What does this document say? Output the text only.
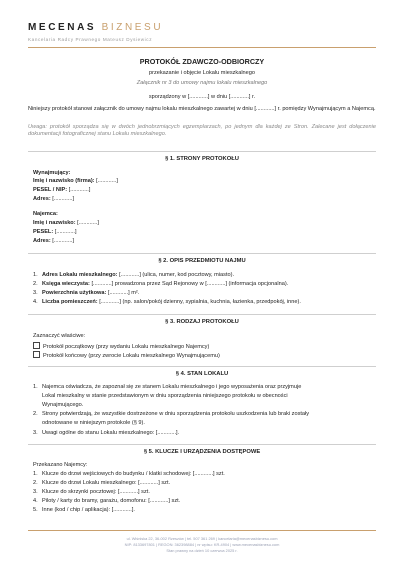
MECENAS BIZNESU
Kancelaria Radcy Prawnego Mateusz Dysiewicz
PROTOKÓŁ ZDAWCZO-ODBIORCZY
przekazanie i objęcie Lokalu mieszkalnego
Załącznik nr 3 do umowy najmu lokalu mieszkalnego
sporządzony w [............] w dniu [............] r.
Niniejszy protokół stanowi załącznik do umowy najmu lokalu mieszkalnego zawartej w dniu [............] r. pomiędzy Wynajmującym a Najemcą.
Uwaga: protokół sporządza się w dwóch jednobrzmiących egzemplarzach, po jednym dla każdej ze Stron. Zalecane jest dołączenie dokumentacji fotograficznej stanu Lokalu mieszkalnego.
§ 1. STRONY PROTOKOŁU
Wynajmujący:
Imię i nazwisko (firma): [............]
PESEL / NIP: [............]
Adres: [............]
Najemca:
Imię i nazwisko: [............]
PESEL: [............]
Adres: [............]
§ 2. OPIS PRZEDMIOTU NAJMU
1. Adres Lokalu mieszkalnego: [............] (ulica, numer, kod pocztowy, miasto).
2. Księga wieczysta: [............] prowadzona przez Sąd Rejonowy w [............] (informacja opcjonalna).
3. Powierzchnia użytkowa: [............] m².
4. Liczba pomieszczeń: [............] (np. salon/pokój dzienny, sypialnia, kuchnia, łazienka, przedpokój, inne).
§ 3. RODZAJ PROTOKOŁU
Zaznaczyć właściwe:
Protokół początkowy (przy wydaniu Lokalu mieszkalnego Najemcy)
Protokół końcowy (przy zwrocie Lokalu mieszkalnego Wynajmującemu)
§ 4. STAN LOKALU
1. Najemca oświadcza, że zapoznał się ze stanem Lokalu mieszkalnego i jego wyposażenia oraz przyjmuje
Lokal mieszkalny w stanie przedstawionym w dniu sporządzenia niniejszego protokołu w obecności
Wynajmującego.
2. Strony potwierdzają, że wszystkie dostrzeżone w dniu sporządzenia protokołu uszkodzenia lub braki zostały
odnotowane w niniejszym protokole (§ 9).
3. Uwagi ogólne do stanu Lokalu mieszkalnego: [............].
§ 5. KLUCZE I URZĄDZENIA DOSTĘPOWE
Przekazano Najemcy:
1. Klucze do drzwi wejściowych do budynku / klatki schodowej: [............] szt.
2. Klucze do drzwi Lokalu mieszkalnego: [............] szt.
3. Klucze do skrzynki pocztowej: [............] szt.
4. Piloty / karty do bramy, garażu, domofonu: [............] szt.
5. Inne (kod / chip / aplikacja): [............].
ul. Wiśniska 22, 36-002 Rzeszów | tel. 507 361 269 | kancelaria@mecenasbiznesu.com
NIP: 8133697801 | REGON: 362398884 | nr wpisu: KR-4904 | www.mecenasbiznesu.com
Stan prawny na dzień 10 czerwca 2025 r.
